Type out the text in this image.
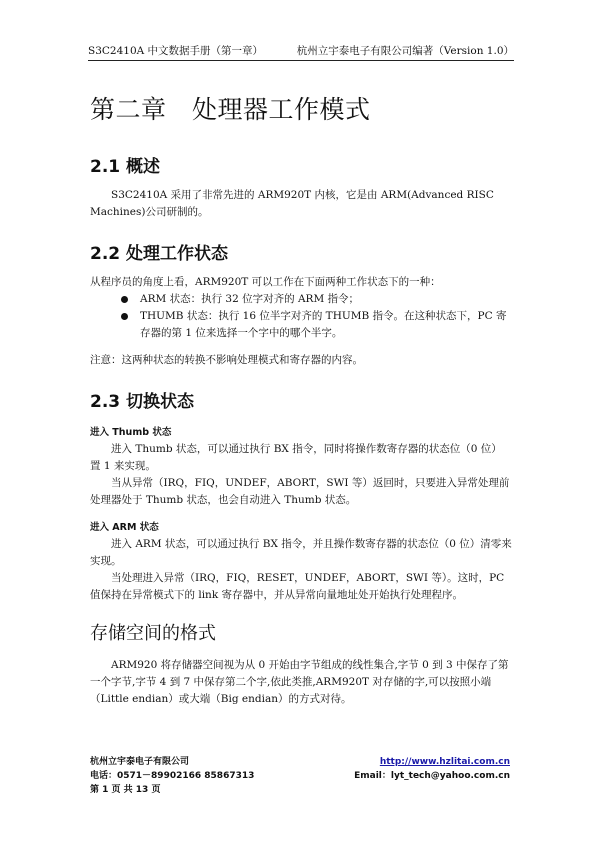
S3C2410A 中文数据手册（第一章）	杭州立宇泰电子有限公司编著（Version 1.0）
第二章　处理器工作模式
2.1 概述

S3C2410A 采用了非常先进的 ARM920T 内核，它是由 ARM(Advanced RISC Machines)公司研制的。

2.2 处理工作状态

从程序员的角度上看，ARM920T 可以工作在下面两种工作状态下的一种：

ARM 状态：执行 32 位字对齐的 ARM 指令；
THUMB 状态：执行 16 位半字对齐的 THUMB 指令。在这种状态下，PC 寄存器的第 1 位来选择一个字中的哪个半字。

注意：这两种状态的转换不影响处理模式和寄存器的内容。

2.3 切换状态
进入 Thumb 状态

进入 Thumb 状态，可以通过执行 BX 指令，同时将操作数寄存器的状态位（0 位）置 1 来实现。

当从异常（IRQ，FIQ，UNDEF，ABORT，SWI 等）返回时，只要进入异常处理前处理器处于 Thumb 状态，也会自动进入 Thumb 状态。

进入 ARM 状态

进入 ARM 状态，可以通过执行 BX 指令，并且操作数寄存器的状态位（0 位）清零来实现。

当处理进入异常（IRQ，FIQ，RESET，UNDEF，ABORT，SWI 等）。这时，PC 值保持在异常模式下的 link 寄存器中，并从异常向量地址处开始执行处理程序。

存储空间的格式

ARM920 将存储器空间视为从 0 开始由字节组成的线性集合,字节 0 到 3 中保存了第一个字节,字节 4 到 7 中保存第二个字,依此类推,ARM920T 对存储的字,可以按照小端（Little endian）或大端（Big endian）的方式对待。

杭州立宇泰电子有限公司	http://www.hzlitai.com.cn
电话：0571－89902166 85867313	Email：lyt_tech@yahoo.com.cn
第 1 页 共 13 页
